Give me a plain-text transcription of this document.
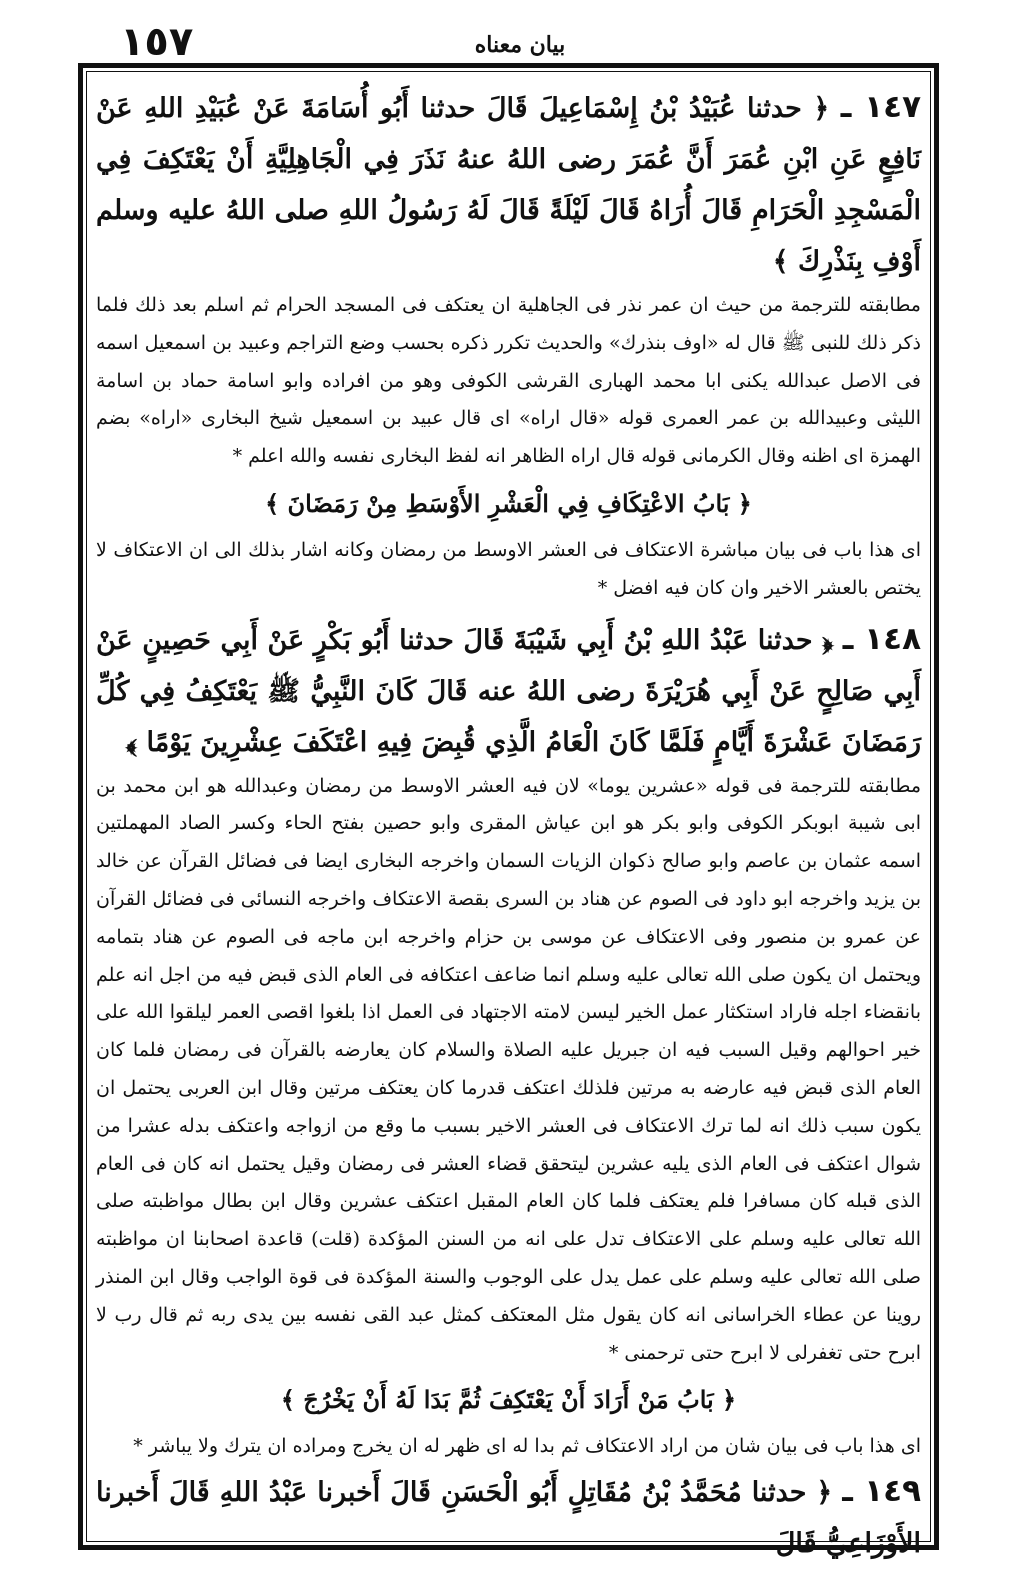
١٥٧	بيان معناه

١٤٧ ـ ﴿ حدثنا عُبَيْدُ بْنُ إِسْمَاعِيلَ قَالَ حدثنا أَبُو أُسَامَةَ عَنْ عُبَيْدِ اللهِ عَنْ نَافِعٍ عَنِ ابْنِ عُمَرَ أَنَّ عُمَرَ رضى اللهُ عنهُ نَذَرَ فِي الْجَاهِلِيَّةِ أَنْ يَعْتَكِفَ فِي الْمَسْجِدِ الْحَرَامِ قَالَ أُرَاهُ قَالَ لَيْلَةً قَالَ لَهُ رَسُولُ اللهِ صلى اللهُ عليه وسلم أَوْفِ بِنَذْرِكَ ﴾

مطابقته للترجمة من حيث ان عمر نذر فى الجاهلية ان يعتكف فى المسجد الحرام ثم اسلم بعد ذلك فلما ذكر ذلك للنبى ﷺ قال له «اوف بنذرك» والحديث تكرر ذكره بحسب وضع التراجم وعبيد بن اسمعيل اسمه فى الاصل عبدالله يكنى ابا محمد الهبارى القرشى الكوفى وهو من افراده وابو اسامة حماد بن اسامة الليثى وعبيدالله بن عمر العمرى قوله «قال اراه» اى قال عبيد بن اسمعيل شيخ البخارى «اراه» بضم الهمزة اى اظنه وقال الكرمانى قوله قال اراه الظاهر انه لفظ البخارى نفسه والله اعلم *

﴿ بَابُ الاعْتِكَافِ فِي الْعَشْرِ الأَوْسَطِ مِنْ رَمَضَانَ ﴾

اى هذا باب فى بيان مباشرة الاعتكاف فى العشر الاوسط من رمضان وكانه اشار بذلك الى ان الاعتكاف لا يختص بالعشر الاخير وان كان فيه افضل *

١٤٨ ـ ﴿ حدثنا عَبْدُ اللهِ بْنُ أَبِي شَيْبَةَ قَالَ حدثنا أَبُو بَكْرٍ عَنْ أَبِي حَصِينٍ عَنْ أَبِي صَالِحٍ عَنْ أَبِي هُرَيْرَةَ رضى اللهُ عنه قَالَ كَانَ النَّبِيُّ ﷺ يَعْتَكِفُ فِي كُلِّ رَمَضَانَ عَشْرَةَ أَيَّامٍ فَلَمَّا كَانَ الْعَامُ الَّذِي قُبِضَ فِيهِ اعْتَكَفَ عِشْرِينَ يَوْمًا ﴾

مطابقته للترجمة فى قوله «عشرين يوما» لان فيه العشر الاوسط من رمضان وعبدالله هو ابن محمد بن ابى شيبة ابوبكر الكوفى وابو بكر هو ابن عياش المقرى وابو حصين بفتح الحاء وكسر الصاد المهملتين اسمه عثمان بن عاصم وابو صالح ذكوان الزيات السمان واخرجه البخارى ايضا فى فضائل القرآن عن خالد بن يزيد واخرجه ابو داود فى الصوم عن هناد بن السرى بقصة الاعتكاف واخرجه النسائى فى فضائل القرآن عن عمرو بن منصور وفى الاعتكاف عن موسى بن حزام واخرجه ابن ماجه فى الصوم عن هناد بتمامه ويحتمل ان يكون صلى الله تعالى عليه وسلم انما ضاعف اعتكافه فى العام الذى قبض فيه من اجل انه علم بانقضاء اجله فاراد استكثار عمل الخير ليسن لامته الاجتهاد فى العمل اذا بلغوا اقصى العمر ليلقوا الله على خير احوالهم وقيل السبب فيه ان جبريل عليه الصلاة والسلام كان يعارضه بالقرآن فى رمضان فلما كان العام الذى قبض فيه عارضه به مرتين فلذلك اعتكف قدرما كان يعتكف مرتين وقال ابن العربى يحتمل ان يكون سبب ذلك انه لما ترك الاعتكاف فى العشر الاخير بسبب ما وقع من ازواجه واعتكف بدله عشرا من شوال اعتكف فى العام الذى يليه عشرين ليتحقق قضاء العشر فى رمضان وقيل يحتمل انه كان فى العام الذى قبله كان مسافرا فلم يعتكف فلما كان العام المقبل اعتكف عشرين وقال ابن بطال مواظبته صلى الله تعالى عليه وسلم على الاعتكاف تدل على انه من السنن المؤكدة (قلت) قاعدة اصحابنا ان مواظبته صلى الله تعالى عليه وسلم على عمل يدل على الوجوب والسنة المؤكدة فى قوة الواجب وقال ابن المنذر روينا عن عطاء الخراسانى انه كان يقول مثل المعتكف كمثل عبد القى نفسه بين يدى ربه ثم قال رب لا ابرح حتى تغفرلى لا ابرح حتى ترحمنى *

﴿ بَابُ مَنْ أَرَادَ أَنْ يَعْتَكِفَ ثُمَّ بَدَا لَهُ أَنْ يَخْرُجَ ﴾

اى هذا باب فى بيان شان من اراد الاعتكاف ثم بدا له اى ظهر له ان يخرج ومراده ان يترك ولا يباشر *

١٤٩ ـ ﴿ حدثنا مُحَمَّدُ بْنُ مُقَاتِلٍ أَبُو الْحَسَنِ قَالَ أَخبرنا عَبْدُ اللهِ قَالَ أَخبرنا الأَوْزَاعِيُّ قَالَ
